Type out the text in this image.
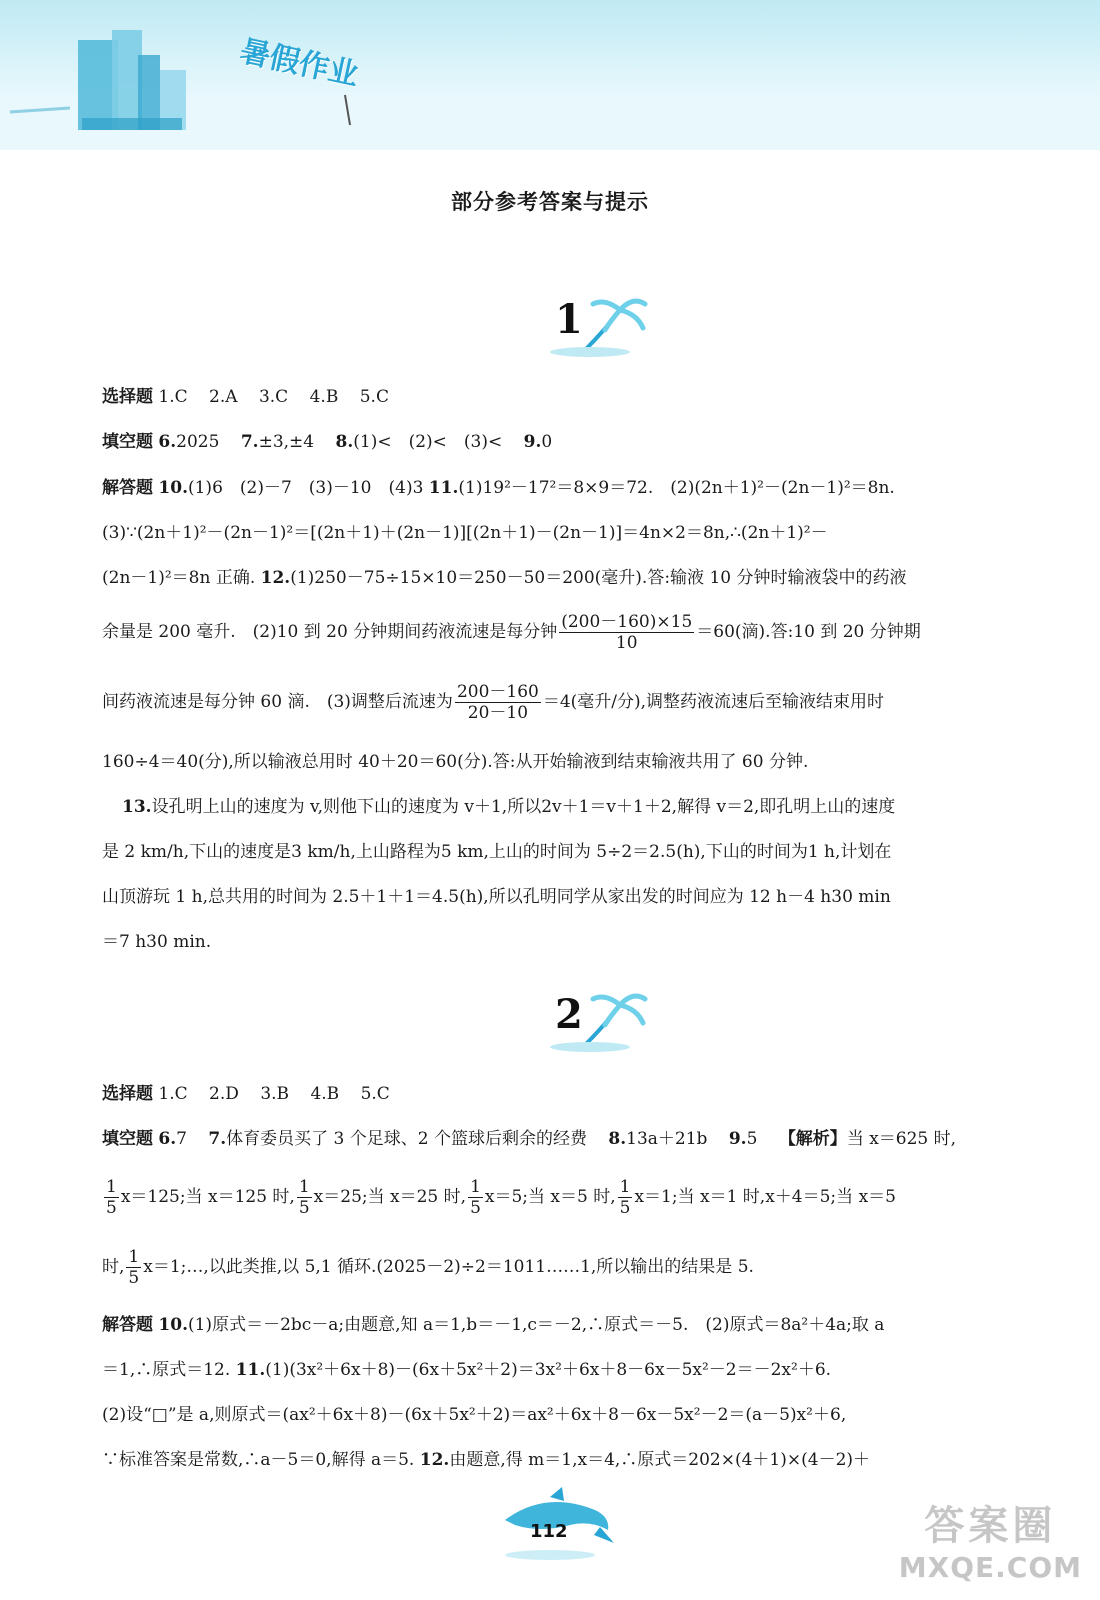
暑假作业
部分参考答案与提示
1
选择题 1.C 2.A 3.C 4.B 5.C
填空题 6.2025 7.±3,±4 8.(1)<　(2)<　(3)< 9.0
解答题 10.(1)6　(2)－7　(3)－10　(4)3 11.(1)19²－17²＝8×9＝72.　(2)(2n＋1)²－(2n－1)²＝8n.
(3)∵(2n＋1)²－(2n－1)²＝[(2n＋1)＋(2n－1)][(2n＋1)－(2n－1)]＝4n×2＝8n,∴(2n＋1)²－
(2n－1)²＝8n 正确. 12.(1)250－75÷15×10＝250－50＝200(毫升).答:输液 10 分钟时输液袋中的药液
余量是 200 毫升.　(2)10 到 20 分钟期间药液流速是每分钟 $\frac{(200-160)\times 15}{10} =60$(滴).答:10 到 20 分钟期
间药液流速是每分钟 60 滴.　(3)调整后流速为 $\frac{200-160}{20-10} =4$(毫升/分),调整药液流速后至输液结束用时
160÷4＝40(分),所以输液总用时 40＋20＝60(分).答:从开始输液到结束输液共用了 60 分钟.
13.设孔明上山的速度为 v,则他下山的速度为 v＋1,所以2v＋1＝v＋1＋2,解得 v＝2,即孔明上山的速度
是 2 km/h,下山的速度是3 km/h,上山路程为5 km,上山的时间为 5÷2＝2.5(h),下山的时间为1 h,计划在
山顶游玩 1 h,总共用的时间为 2.5＋1＋1＝4.5(h),所以孔明同学从家出发的时间应为 12 h－4 h30 min
＝7 h30 min.
2
选择题 1.C 2.D 3.B 4.B 5.C
填空题 6.7 7.体育委员买了 3 个足球、2 个篮球后剩余的经费 8.13a＋21b 9.5 【解析】当 x＝625 时,
$\frac{1}{5} x=125$;当 x＝125 时, $\frac{1}{5} x=25$;当 x＝25 时, $\frac{1}{5} x=5$;当 x＝5 时, $\frac{1}{5} x=1$;当 x＝1 时,x＋4＝5;当 x＝5
时, $\frac{1}{5}$ x＝1;…,以此类推,以 5,1 循环.(2025－2)÷2＝1011……1,所以输出的结果是 5.
解答题 10.(1)原式＝－2bc－a;由题意,知 a＝1,b＝－1,c＝－2,∴原式＝－5.　(2)原式＝8a²＋4a;取 a
＝1,∴原式＝12. 11.(1)(3x²＋6x＋8)－(6x＋5x²＋2)＝3x²＋6x＋8－6x－5x²－2＝－2x²＋6.
(2)设“□”是 a,则原式＝(ax²＋6x＋8)－(6x＋5x²＋2)＝ax²＋6x＋8－6x－5x²－2＝(a－5)x²＋6,
∵标准答案是常数,∴a－5＝0,解得 a＝5. 12.由题意,得 m＝1,x＝4,∴原式＝202×(4＋1)×(4－2)＋
112	答案圈
MXQE.COM
